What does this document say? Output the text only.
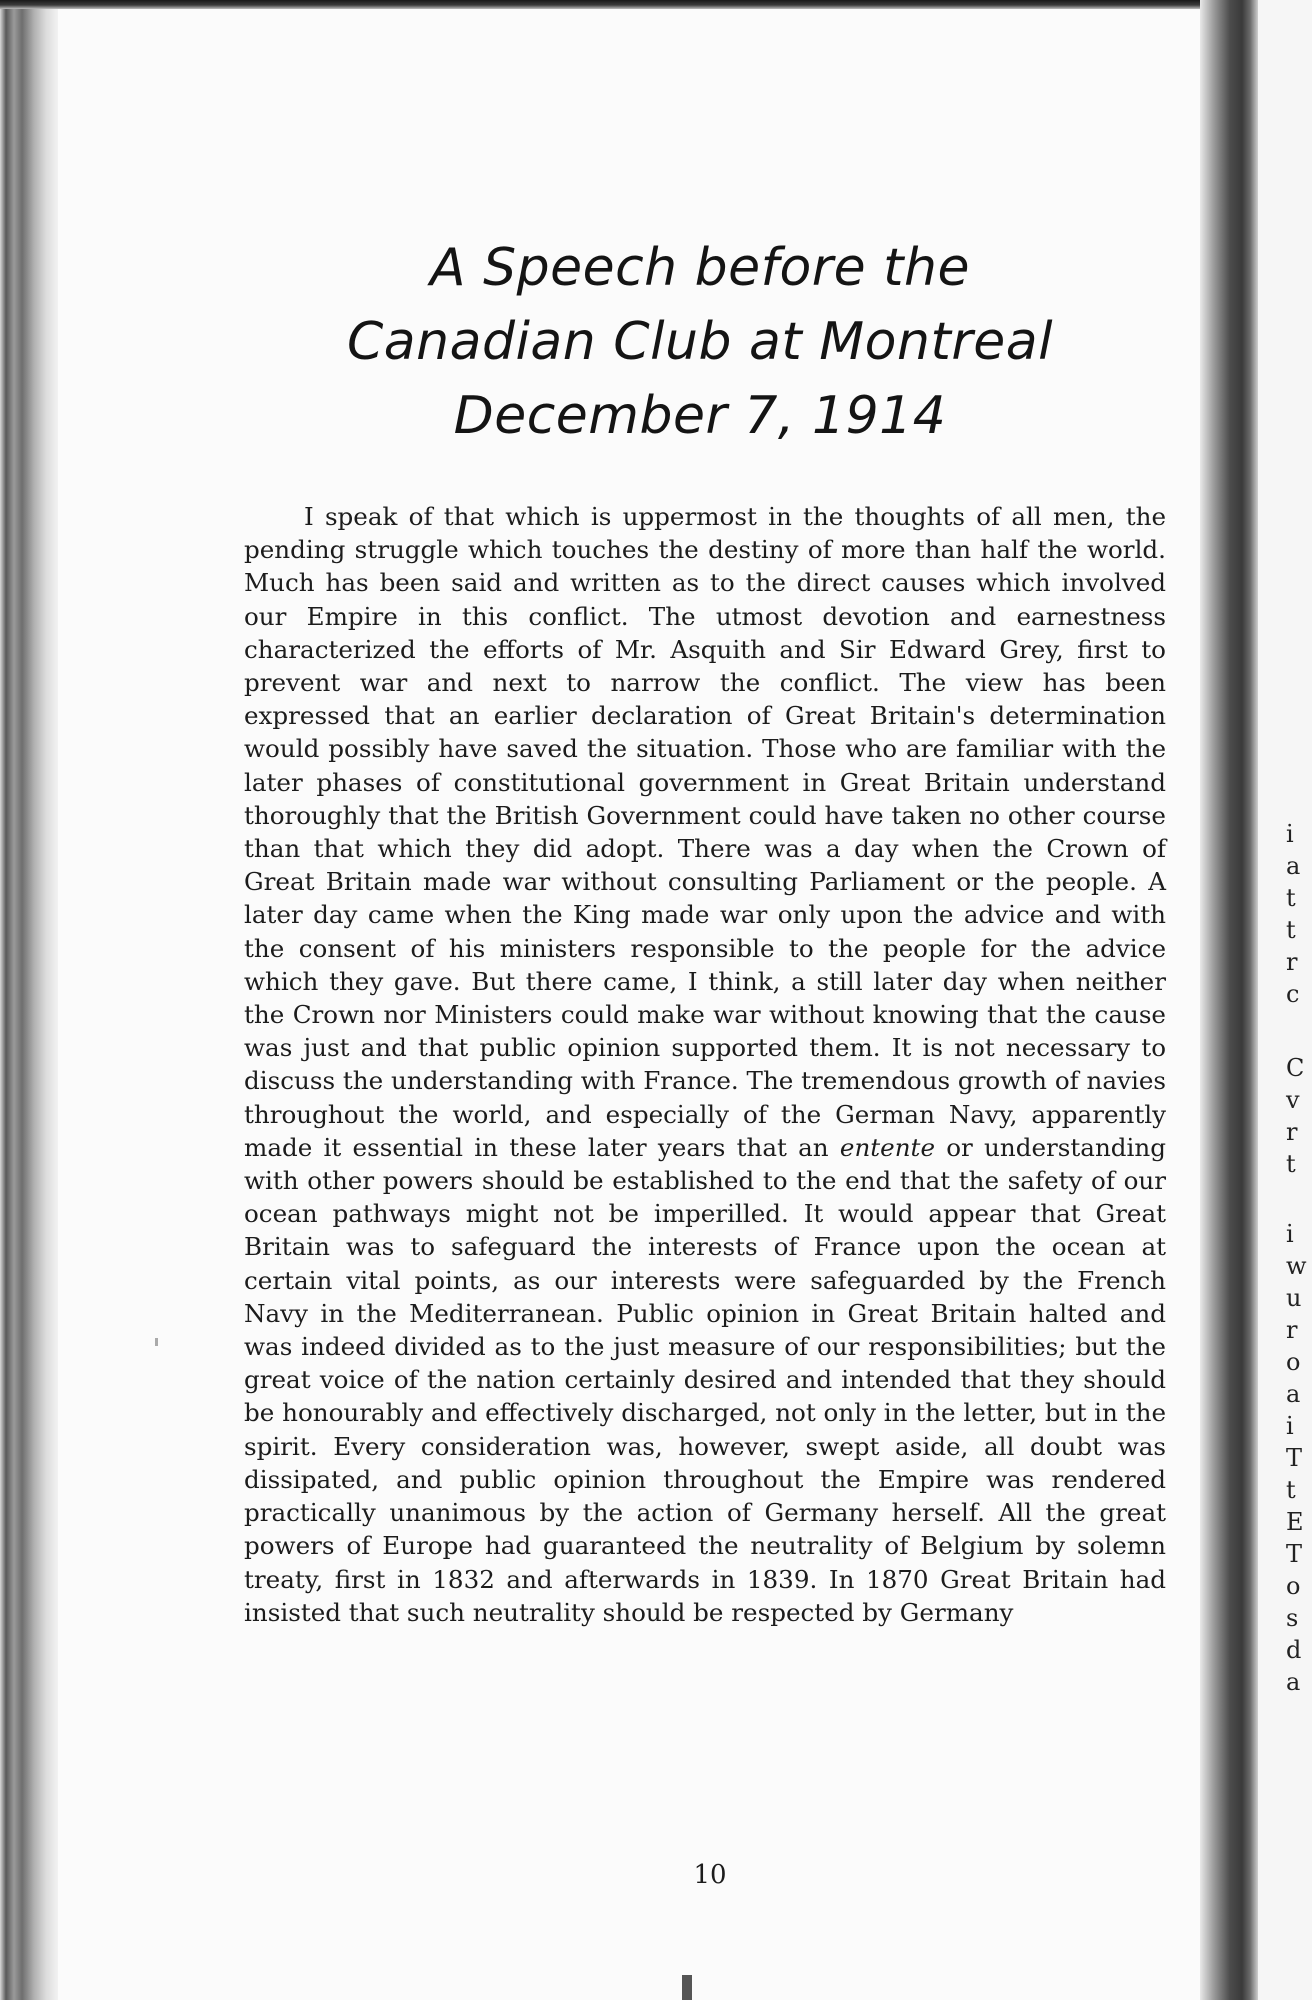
i
a
t
t
r
c
C
v
r
t
i
w
u
r
o
a
i
T
t
E
T
o
s
d
a
A Speech before the
Canadian Club at Montreal
December 7, 1914

I speak of that which is uppermost in the thoughts of all men, the pending struggle which touches the destiny of more than half the world. Much has been said and written as to the direct causes which involved our Empire in this conflict. The utmost devotion and earnestness characterized the efforts of Mr. Asquith and Sir Edward Grey, first to prevent war and next to narrow the conflict. The view has been expressed that an earlier declaration of Great Britain's determination would possibly have saved the situation. Those who are familiar with the later phases of constitutional government in Great Britain understand thoroughly that the British Government could have taken no other course than that which they did adopt. There was a day when the Crown of Great Britain made war without consulting Parliament or the people. A later day came when the King made war only upon the advice and with the consent of his ministers responsible to the people for the advice which they gave. But there came, I think, a still later day when neither the Crown nor Ministers could make war without knowing that the cause was just and that public opinion supported them. It is not necessary to discuss the understanding with France. The tremendous growth of navies throughout the world, and especially of the German Navy, apparently made it essential in these later years that an entente or understanding with other powers should be established to the end that the safety of our ocean pathways might not be imperilled. It would appear that Great Britain was to safeguard the interests of France upon the ocean at certain vital points, as our interests were safeguarded by the French Navy in the Mediterranean. Public opinion in Great Britain halted and was indeed divided as to the just measure of our responsibilities; but the great voice of the nation certainly desired and intended that they should be honourably and effectively discharged, not only in the letter, but in the spirit. Every consideration was, however, swept aside, all doubt was dissipated, and public opinion throughout the Empire was rendered practically unanimous by the action of Germany herself. All the great powers of Europe had guaranteed the neutrality of Belgium by solemn treaty, first in 1832 and afterwards in 1839. In 1870 Great Britain had insisted that such neutrality should be respected by Germany

10
